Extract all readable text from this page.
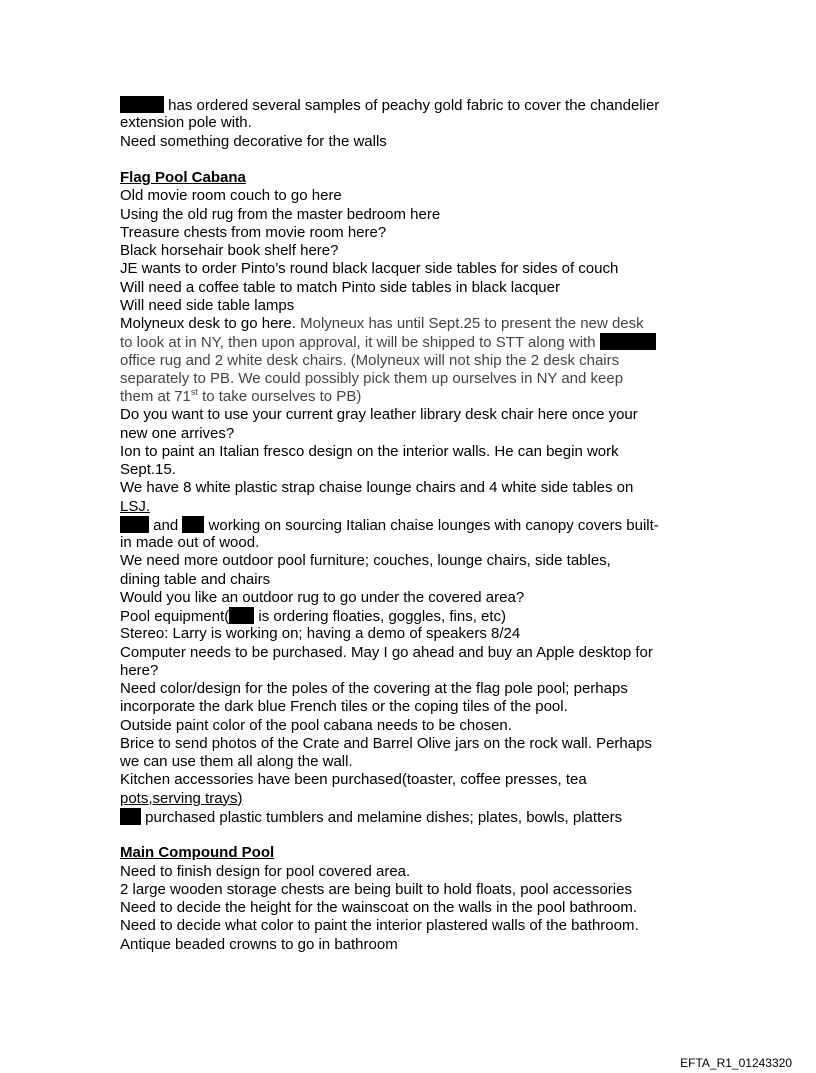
has ordered several samples of peachy gold fabric to cover the chandelier
extension pole with.
Need something decorative for the walls
Flag Pool Cabana
Old movie room couch to go here
Using the old rug from the master bedroom here
Treasure chests from movie room here?
Black horsehair book shelf here?
JE wants to order Pinto’s round black lacquer side tables for sides of couch
Will need a coffee table to match Pinto side tables in black lacquer
Will need side table lamps
Molyneux desk to go here. Molyneux has until Sept.25 to present the new desk
to look at in NY, then upon approval, it will be shipped to STT along with
office rug and 2 white desk chairs. (Molyneux will not ship the 2 desk chairs
separately to PB. We could possibly pick them up ourselves in NY and keep
them at 71st to take ourselves to PB)
Do you want to use your current gray leather library desk chair here once your
new one arrives?
Ion to paint an Italian fresco design on the interior walls. He can begin work
Sept.15.
We have 8 white plastic strap chaise lounge chairs and 4 white side tables on
LSJ.
and working on sourcing Italian chaise lounges with canopy covers built-
in made out of wood.
We need more outdoor pool furniture; couches, lounge chairs, side tables,
dining table and chairs
Would you like an outdoor rug to go under the covered area?
Pool equipment( is ordering floaties, goggles, fins, etc)
Stereo: Larry is working on; having a demo of speakers 8/24
Computer needs to be purchased. May I go ahead and buy an Apple desktop for
here?
Need color/design for the poles of the covering at the flag pole pool; perhaps
incorporate the dark blue French tiles or the coping tiles of the pool.
Outside paint color of the pool cabana needs to be chosen.
Brice to send photos of the Crate and Barrel Olive jars on the rock wall. Perhaps
we can use them all along the wall.
Kitchen accessories have been purchased(toaster, coffee presses, tea
pots,serving trays)
purchased plastic tumblers and melamine dishes; plates, bowls, platters
Main Compound Pool
Need to finish design for pool covered area.
2 large wooden storage chests are being built to hold floats, pool accessories
Need to decide the height for the wainscoat on the walls in the pool bathroom.
Need to decide what color to paint the interior plastered walls of the bathroom.
Antique beaded crowns to go in bathroom
EFTA_R1_01243320
